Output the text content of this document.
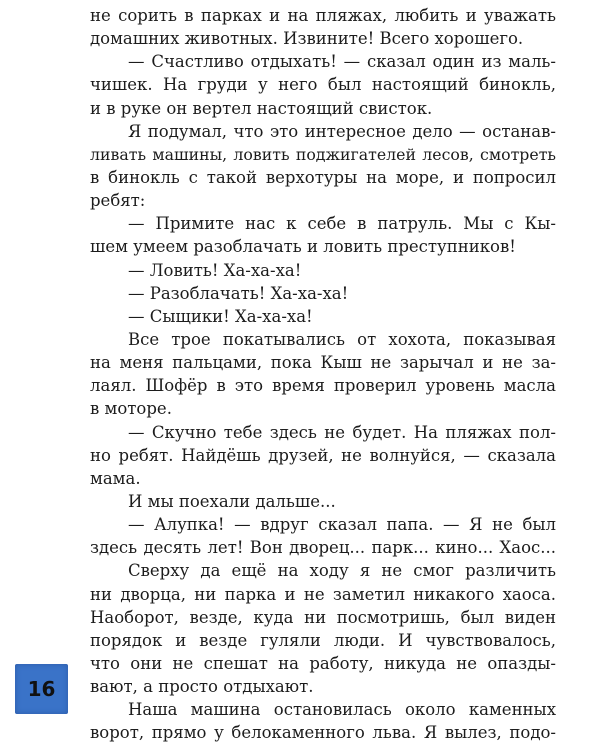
не сорить в парках и на пляжах, любить и уважать
домашних животных. Извините! Всего хорошего.
— Счастливо отдыхать! — сказал один из маль-
чишек. На груди у него был настоящий бинокль,
и в руке он вертел настоящий свисток.
Я подумал, что это интересное дело — останав-
ливать машины, ловить поджигателей лесов, смотреть
в бинокль с такой верхотуры на море, и попросил
ребят:
— Примите нас к себе в патруль. Мы с Кы-
шем умеем разоблачать и ловить преступников!
— Ловить! Ха-ха-ха!
— Разоблачать! Ха-ха-ха!
— Сыщики! Ха-ха-ха!
Все трое покатывались от хохота, показывая
на меня пальцами, пока Кыш не зарычал и не за-
лаял. Шофёр в это время проверил уровень масла
в моторе.
— Скучно тебе здесь не будет. На пляжах пол-
но ребят. Найдёшь друзей, не волнуйся, — сказала
мама.
И мы поехали дальше...
— Алупка! — вдруг сказал папа. — Я не был
здесь десять лет! Вон дворец... парк... кино... Хаос...
Сверху да ещё на ходу я не смог различить
ни дворца, ни парка и не заметил никакого хаоса.
Наоборот, везде, куда ни посмотришь, был виден
порядок и везде гуляли люди. И чувствовалось,
что они не спешат на работу, никуда не опазды-
вают, а просто отдыхают.
Наша машина остановилась около каменных
ворот, прямо у белокаменного льва. Я вылез, подо-
16
